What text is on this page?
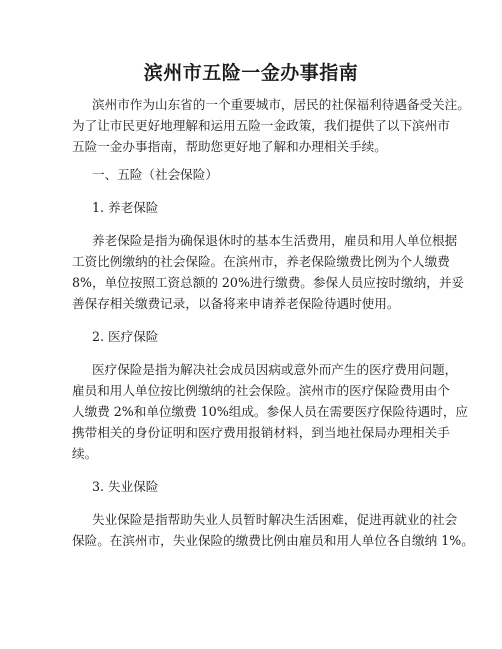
滨州市五险一金办事指南
滨州市作为山东省的一个重要城市，居民的社保福利待遇备受关注。
为了让市民更好地理解和运用五险一金政策，我们提供了以下滨州市
五险一金办事指南，帮助您更好地了解和办理相关手续。
一、五险（社会保险）
1. 养老保险
养老保险是指为确保退休时的基本生活费用，雇员和用人单位根据
工资比例缴纳的社会保险。在滨州市，养老保险缴费比例为个人缴费
8%，单位按照工资总额的 20%进行缴费。参保人员应按时缴纳，并妥
善保存相关缴费记录，以备将来申请养老保险待遇时使用。
2. 医疗保险
医疗保险是指为解决社会成员因病或意外而产生的医疗费用问题，
雇员和用人单位按比例缴纳的社会保险。滨州市的医疗保险费用由个
人缴费 2%和单位缴费 10%组成。参保人员在需要医疗保险待遇时，应
携带相关的身份证明和医疗费用报销材料，到当地社保局办理相关手
续。
3. 失业保险
失业保险是指帮助失业人员暂时解决生活困难，促进再就业的社会
保险。在滨州市，失业保险的缴费比例由雇员和用人单位各自缴纳 1%。
